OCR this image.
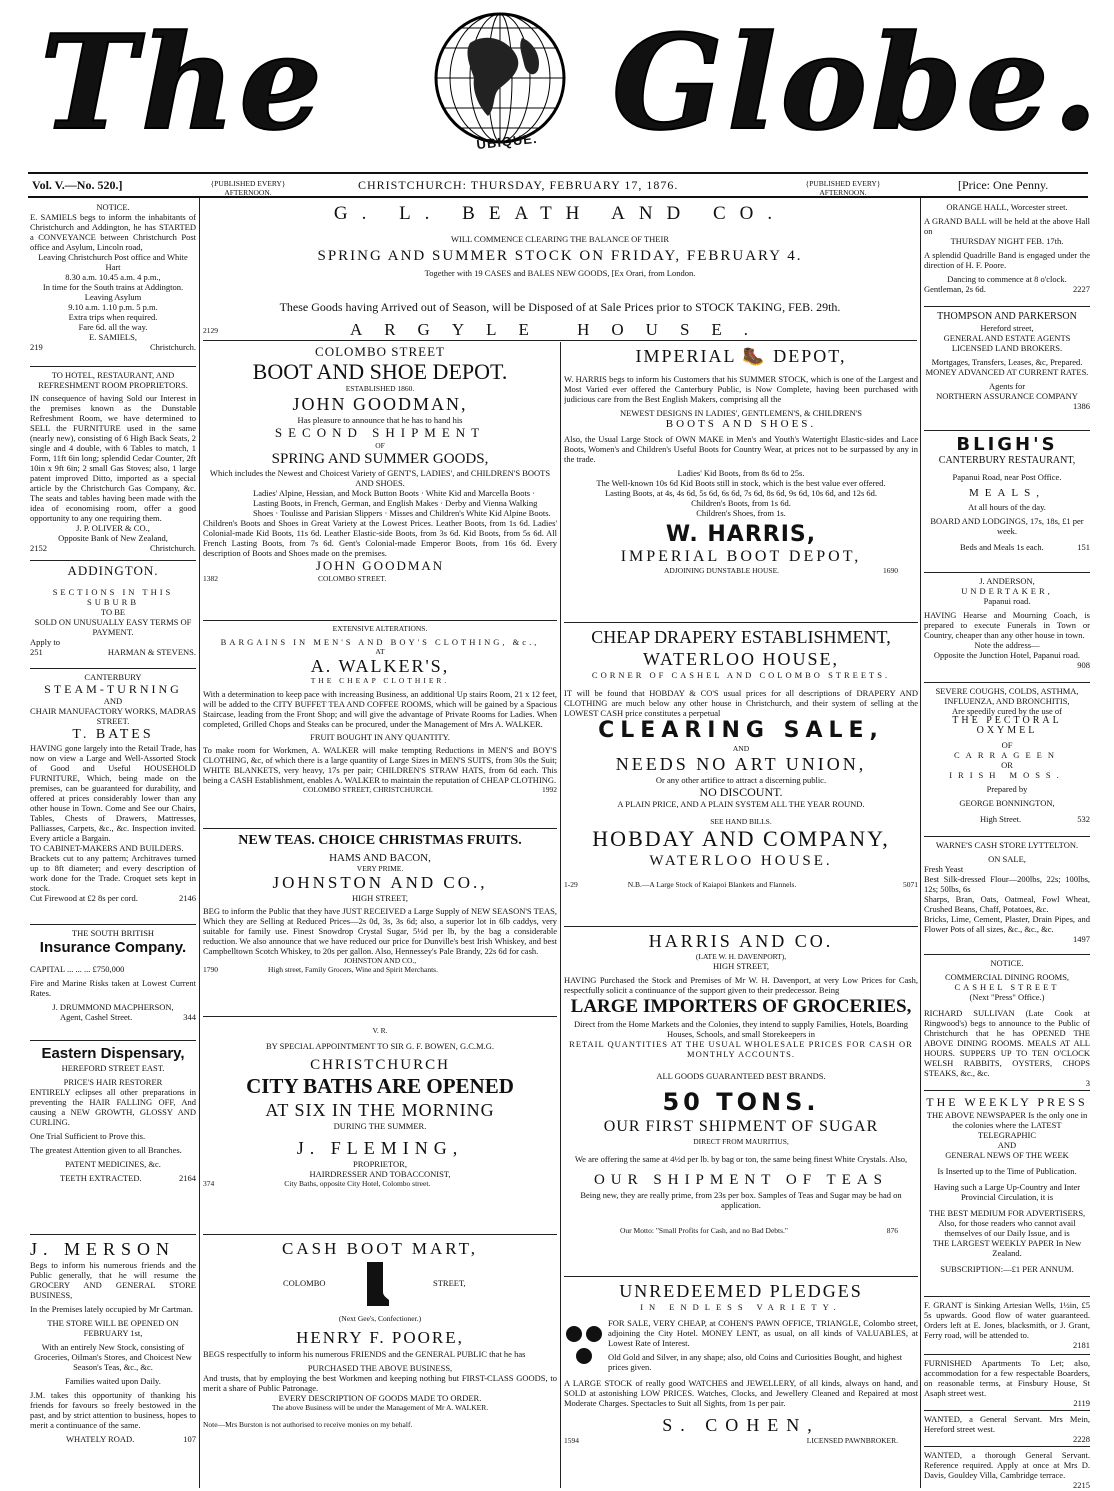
The	UBIQUE. Globe.
Vol. V.—No. 520.]	{PUBLISHED EVERY} AFTERNOON.
CHRISTCHURCH: THURSDAY, FEBRUARY 17, 1876.	{PUBLISHED EVERY} AFTERNOON.
[Price: One Penny.

NOTICE.

E. SAMIELS begs to inform the inhabitants of Christchurch and Addington, he has STARTED a CONVEYANCE between Christchurch Post office and Asylum, Lincoln road,

Leaving Christchurch Post office and White Hart

8.30 a.m. 10.45 a.m. 4 p.m.,

In time for the South trains at Addington.

Leaving Asylum

9.10 a.m. 1.10 p.m. 5 p.m.

Extra trips when required.

Fare 6d. all the way.

E. SAMIELS,

219	Christchurch.

TO HOTEL, RESTAURANT, AND REFRESHMENT ROOM PROPRIETORS.

IN consequence of having Sold our Interest in the premises known as the Dunstable Refreshment Room, we have determined to SELL the FURNITURE used in the same (nearly new), consisting of 6 High Back Seats, 2 single and 4 double, with 6 Tables to match, 1 Form, 11ft 6in long; splendid Cedar Counter, 2ft 10in x 9ft 6in; 2 small Gas Stoves; also, 1 large patent improved Ditto, imported as a special article by the Christchurch Gas Company, &c. The seats and tables having been made with the idea of economising room, offer a good opportunity to any one requiring them.

J. P. OLIVER & CO.,

Opposite Bank of New Zealand,

2152	Christchurch.

ADDINGTON.

SECTIONS IN THIS SUBURB

TO BE

SOLD ON UNUSUALLY EASY TERMS OF PAYMENT.

Apply to

251	HARMAN & STEVENS.

CANTERBURY

STEAM-TURNING

AND

CHAIR MANUFACTORY WORKS, MADRAS STREET.

T. BATES

HAVING gone largely into the Retail Trade, has now on view a Large and Well-Assorted Stock of Good and Useful HOUSEHOLD FURNITURE, Which, being made on the premises, can be guaranteed for durability, and offered at prices considerably lower than any other house in Town. Come and See our Chairs, Tables, Chests of Drawers, Mattresses, Palliasses, Carpets, &c., &c. Inspection invited. Every article a Bargain.

TO CABINET-MAKERS AND BUILDERS.

Brackets cut to any pattern; Architraves turned up to 8ft diameter; and every description of work done for the Trade. Croquet sets kept in stock.

Cut Firewood at £2 8s per cord.	2146

THE SOUTH BRITISH

Insurance Company.

CAPITAL ... ... ... £750,000

Fire and Marine Risks taken at Lowest Current Rates.

J. DRUMMOND MACPHERSON,

Agent, Cashel Street.	344

Eastern Dispensary,

HEREFORD STREET EAST.

PRICE'S HAIR RESTORER

ENTIRELY eclipses all other preparations in preventing the HAIR FALLING OFF, And causing a NEW GROWTH, GLOSSY AND CURLING.

One Trial Sufficient to Prove this.

The greatest Attention given to all Branches.

PATENT MEDICINES, &c.

TEETH EXTRACTED.	2164

J. MERSON

Begs to inform his numerous friends and the Public generally, that he will resume the GROCERY AND GENERAL STORE BUSINESS,

In the Premises lately occupied by Mr Cartman.

THE STORE WILL BE OPENED ON FEBRUARY 1st,

With an entirely New Stock, consisting of Groceries, Oilman's Stores, and Choicest New Season's Teas, &c., &c.

Families waited upon Daily.

J.M. takes this opportunity of thanking his friends for favours so freely bestowed in the past, and by strict attention to business, hopes to merit a continuance of the same.

WHATELY ROAD.	107

G. L. BEATH AND CO.

WILL COMMENCE CLEARING THE BALANCE OF THEIR

SPRING AND SUMMER STOCK ON FRIDAY, FEBRUARY 4.

Together with 19 CASES and BALES NEW GOODS, [Ex Orari, from London.

These Goods having Arrived out of Season, will be Disposed of at Sale Prices prior to STOCK TAKING, FEB. 29th.

2129	ARGYLE HOUSE.

COLOMBO STREET

BOOT AND SHOE DEPOT.

ESTABLISHED 1860.

JOHN GOODMAN,

Has pleasure to announce that he has to hand his

SECOND SHIPMENT

OF

SPRING AND SUMMER GOODS,

Which includes the Newest and Choicest Variety of GENT'S, LADIES', and CHILDREN'S BOOTS AND SHOES.

Ladies' Alpine, Hessian, and Mock Button Boots · White Kid and Marcella Boots · Lasting Boots, in French, German, and English Makes · Derby and Vienna Walking Shoes · Toulisse and Parisian Slippers · Misses and Children's White Kid Alpine Boots.

Children's Boots and Shoes in Great Variety at the Lowest Prices. Leather Boots, from 1s 6d. Ladies' Colonial-made Kid Boots, 11s 6d. Leather Elastic-side Boots, from 3s 6d. Kid Boots, from 5s 6d. All French Lasting Boots, from 7s 6d. Gent's Colonial-made Emperor Boots, from 16s 6d. Every description of Boots and Shoes made on the premises.

JOHN GOODMAN

1382	COLOMBO STREET.

EXTENSIVE ALTERATIONS.

BARGAINS IN MEN'S AND BOY'S CLOTHING, &c.,

AT

A. WALKER'S,

THE CHEAP CLOTHIER.

With a determination to keep pace with increasing Business, an additional Up stairs Room, 21 x 12 feet, will be added to the CITY BUFFET TEA AND COFFEE ROOMS, which will be gained by a Spacious Staircase, leading from the Front Shop; and will give the advantage of Private Rooms for Ladies. When completed, Grilled Chops and Steaks can be procured, under the Management of Mrs A. WALKER.

FRUIT BOUGHT IN ANY QUANTITY.

To make room for Workmen, A. WALKER will make tempting Reductions in MEN'S and BOY'S CLOTHING, &c, of which there is a large quantity of Large Sizes in MEN'S SUITS, from 30s the Suit; WHITE BLANKETS, very heavy, 17s per pair; CHILDREN'S STRAW HATS, from 6d each. This being a CASH Establishment, enables A. WALKER to maintain the reputation of CHEAP CLOTHING.

COLOMBO STREET, CHRISTCHURCH.	1992

NEW TEAS. CHOICE CHRISTMAS FRUITS.

HAMS AND BACON,

VERY PRIME.

JOHNSTON AND CO.,

HIGH STREET,

BEG to inform the Public that they have JUST RECEIVED a Large Supply of NEW SEASON'S TEAS, Which they are Selling at Reduced Prices—2s 0d, 3s, 3s 6d; also, a superior lot in 6lb caddys, very suitable for family use. Finest Snowdrop Crystal Sugar, 5½d per lb, by the bag a considerable reduction. We also announce that we have reduced our price for Dunville's best Irish Whiskey, and best Campbelltown Scotch Whiskey, to 20s per gallon. Also, Hennessey's Pale Brandy, 22s 6d for cash.

JOHNSTON AND CO.,

1790	High street, Family Grocers, Wine and Spirit Merchants.

V. R.

BY SPECIAL APPOINTMENT TO SIR G. F. BOWEN, G.C.M.G.

CHRISTCHURCH

CITY BATHS ARE OPENED

AT SIX IN THE MORNING

DURING THE SUMMER.

J. FLEMING,

PROPRIETOR,

HAIRDRESSER AND TOBACCONIST,

374	City Baths, opposite City Hotel, Colombo street.

CASH BOOT MART,

COLOMBO	STREET,

(Next Gee's, Confectioner.)

HENRY F. POORE,

BEGS respectfully to inform his numerous FRIENDS and the GENERAL PUBLIC that he has

PURCHASED THE ABOVE BUSINESS,

And trusts, that by employing the best Workmen and keeping nothing but FIRST-CLASS GOODS, to merit a share of Public Patronage.

EVERY DESCRIPTION OF GOODS MADE TO ORDER.

The above Business will be under the Management of Mr A. WALKER.

Note—Mrs Burston is not authorised to receive monies on my behalf.

IMPERIAL 🥾 DEPOT,

W. HARRIS begs to inform his Customers that his SUMMER STOCK, which is one of the Largest and Most Varied ever offered the Canterbury Public, is Now Complete, having been purchased with judicious care from the Best English Makers, comprising all the

NEWEST DESIGNS IN LADIES', GENTLEMEN'S, & CHILDREN'S

BOOTS AND SHOES.

Also, the Usual Large Stock of OWN MAKE in Men's and Youth's Watertight Elastic-sides and Lace Boots, Women's and Children's Useful Boots for Country Wear, at prices not to be surpassed by any in the trade.

Ladies' Kid Boots, from 8s 6d to 25s.

The Well-known 10s 6d Kid Boots still in stock, which is the best value ever offered.

Lasting Boots, at 4s, 4s 6d, 5s 6d, 6s 6d, 7s 6d, 8s 6d, 9s 6d, 10s 6d, and 12s 6d.

Children's Boots, from 1s 6d.

Children's Shoes, from 1s.

W. HARRIS,

IMPERIAL BOOT DEPOT,

ADJOINING DUNSTABLE HOUSE.	1690

CHEAP DRAPERY ESTABLISHMENT,

WATERLOO HOUSE,

CORNER OF CASHEL AND COLOMBO STREETS.

IT will be found that HOBDAY & CO'S usual prices for all descriptions of DRAPERY AND CLOTHING are much below any other house in Christchurch, and their system of selling at the LOWEST CASH price constitutes a perpetual

CLEARING SALE,

AND

NEEDS NO ART UNION,

Or any other artifice to attract a discerning public.

NO DISCOUNT.

A PLAIN PRICE, AND A PLAIN SYSTEM ALL THE YEAR ROUND.

SEE HAND BILLS.

HOBDAY AND COMPANY,

WATERLOO HOUSE.

1-29	N.B.—A Large Stock of Kaiapoi Blankets and Flannels.	5071

HARRIS AND CO.

(LATE W. H. DAVENPORT),

HIGH STREET,

HAVING Purchased the Stock and Premises of Mr W. H. Davenport, at very Low Prices for Cash, respectfully solicit a continuance of the support given to their predecessor. Being

LARGE IMPORTERS OF GROCERIES,

Direct from the Home Markets and the Colonies, they intend to supply Families, Hotels, Boarding Houses, Schools, and small Storekeepers in

RETAIL QUANTITIES AT THE USUAL WHOLESALE PRICES FOR CASH OR MONTHLY ACCOUNTS.

ALL GOODS GUARANTEED BEST BRANDS.

50 TONS.

OUR FIRST SHIPMENT OF SUGAR

DIRECT FROM MAURITIUS,

We are offering the same at 4½d per lb. by bag or ton, the same being finest White Crystals. Also,

OUR SHIPMENT OF TEAS

Being new, they are really prime, from 23s per box. Samples of Teas and Sugar may be had on application.

Our Motto: "Small Profits for Cash, and no Bad Debts."	876

UNREDEEMED PLEDGES

IN ENDLESS VARIETY.

FOR SALE, VERY CHEAP, at COHEN'S PAWN OFFICE, TRIANGLE, Colombo street, adjoining the City Hotel. MONEY LENT, as usual, on all kinds of VALUABLES, at Lowest Rate of Interest.

Old Gold and Silver, in any shape; also, old Coins and Curiosities Bought, and highest prices given.

A LARGE STOCK of really good WATCHES and JEWELLERY, of all kinds, always on hand, and SOLD at astonishing LOW PRICES. Watches, Clocks, and Jewellery Cleaned and Repaired at most Moderate Charges. Spectacles to Suit all Sights, from 1s per pair.

S. COHEN,

1594	LICENSED PAWNBROKER.

ORANGE HALL, Worcester street.

A GRAND BALL will be held at the above Hall on

THURSDAY NIGHT FEB. 17th.

A splendid Quadrille Band is engaged under the direction of H. F. Poore.

Dancing to commence at 8 o'clock.

Gentleman, 2s 6d.	2227

THOMPSON AND PARKERSON

Hereford street,

GENERAL AND ESTATE AGENTS LICENSED LAND BROKERS.

Mortgages, Transfers, Leases, &c, Prepared.

MONEY ADVANCED AT CURRENT RATES.

Agents for

NORTHERN ASSURANCE COMPANY

1386

BLIGH'S

CANTERBURY RESTAURANT,

Papanui Road, near Post Office.

MEALS,

At all hours of the day.

BOARD AND LODGINGS, 17s, 18s, £1 per week.

Beds and Meals 1s each.	151

J. ANDERSON,

UNDERTAKER,

Papanui road.

HAVING Hearse and Mourning Coach, is prepared to execute Funerals in Town or Country, cheaper than any other house in town.

Note the address—

Opposite the Junction Hotel, Papanui road.

908

SEVERE COUGHS, COLDS, ASTHMA, INFLUENZA, AND BRONCHITIS,

Are speedily cured by the use of

THE PECTORAL OXYMEL

OF

CARRAGEEN

OR

IRISH MOSS.

Prepared by

GEORGE BONNINGTON,

High Street.	532

WARNE'S CASH STORE LYTTELTON.

ON SALE,

Fresh Yeast

Best Silk-dressed Flour—200lbs, 22s; 100lbs, 12s; 50lbs, 6s

Sharps, Bran, Oats, Oatmeal, Fowl Wheat, Crushed Beans, Chaff, Potatoes, &c.

Bricks, Lime, Cement, Plaster, Drain Pipes, and Flower Pots of all sizes, &c., &c., &c.

1497

NOTICE.

COMMERCIAL DINING ROOMS,

CASHEL STREET

(Next "Press" Office.)

RICHARD SULLIVAN (Late Cook at Ringwood's) begs to announce to the Public of Christchurch that he has OPENED THE ABOVE DINING ROOMS. MEALS AT ALL HOURS. SUPPERS UP TO TEN O'CLOCK WELSH RABBITS, OYSTERS, CHOPS STEAKS, &c., &c.

3

THE WEEKLY PRESS

THE ABOVE NEWSPAPER Is the only one in the colonies where the LATEST TELEGRAPHIC

AND

GENERAL NEWS OF THE WEEK

Is Inserted up to the Time of Publication.

Having such a Large Up-Country and Inter Provincial Circulation, it is

THE BEST MEDIUM FOR ADVERTISERS,

Also, for those readers who cannot avail themselves of our Daily Issue, and is

THE LARGEST WEEKLY PAPER In New Zealand.

SUBSCRIPTION:—£1 PER ANNUM.

F. GRANT is Sinking Artesian Wells, 1½in, £5 5s upwards. Good flow of water guaranteed. Orders left at E. Jones, blacksmith, or J. Grant, Ferry road, will be attended to.

2181

FURNISHED Apartments To Let; also, accommodation for a few respectable Boarders, on reasonable terms, at Finsbury House, St Asaph street west.

2119

WANTED, a General Servant. Mrs Mein, Hereford street west.

2228

WANTED, a thorough General Servant. Reference required. Apply at once at Mrs D. Davis, Gouldey Villa, Cambridge terrace.

2215
